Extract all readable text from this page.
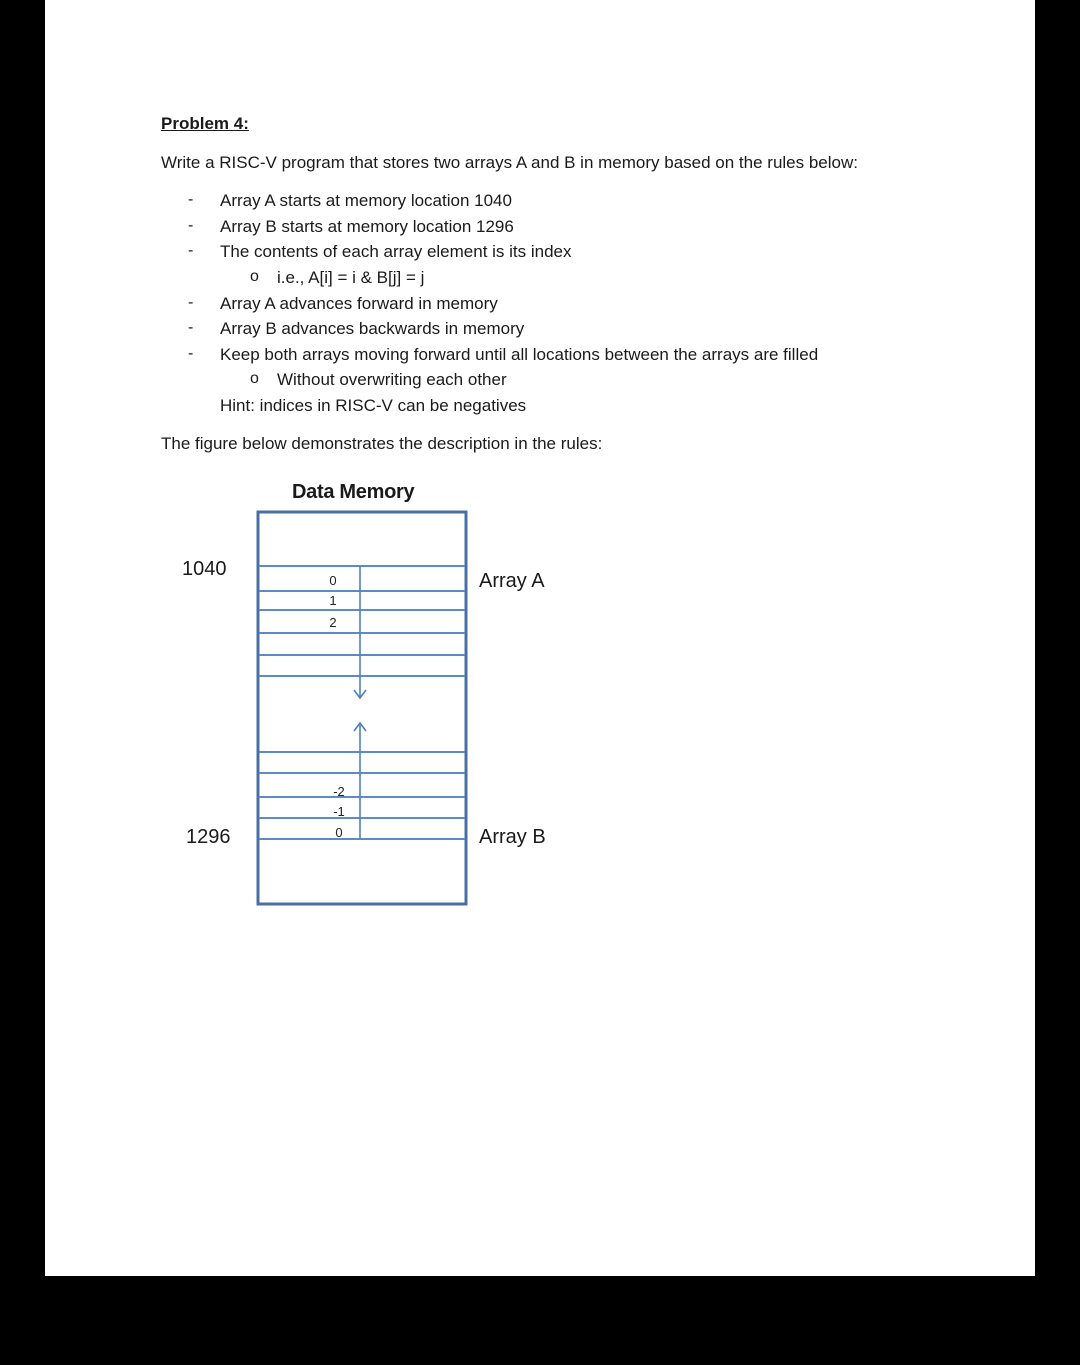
Problem 4:
Write a RISC-V program that stores two arrays A and B in memory based on the rules below:
- Array A starts at memory location 1040
- Array B starts at memory location 1296
- The contents of each array element is its index
o i.e., A[i] = i & B[j] = j
- Array A advances forward in memory
- Array B advances backwards in memory
- Keep both arrays moving forward until all locations between the arrays are filled
o Without overwriting each other
Hint: indices in RISC-V can be negatives
The figure below demonstrates the description in the rules:
Data Memory
1040
1296
Array A
Array B
0
1
2
-2
-1
0
